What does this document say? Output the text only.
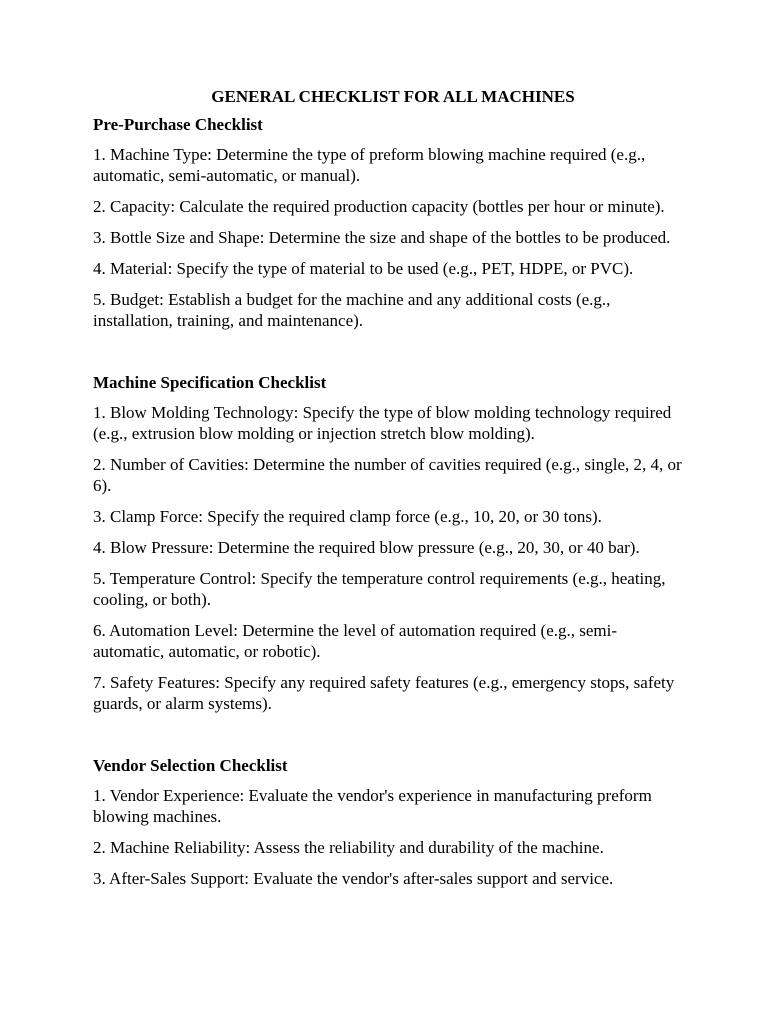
GENERAL CHECKLIST FOR ALL MACHINES
Pre-Purchase Checklist
1. Machine Type: Determine the type of preform blowing machine required (e.g., automatic, semi-automatic, or manual).
2. Capacity: Calculate the required production capacity (bottles per hour or minute).
3. Bottle Size and Shape: Determine the size and shape of the bottles to be produced.
4. Material: Specify the type of material to be used (e.g., PET, HDPE, or PVC).
5. Budget: Establish a budget for the machine and any additional costs (e.g., installation, training, and maintenance).
Machine Specification Checklist
1. Blow Molding Technology: Specify the type of blow molding technology required (e.g., extrusion blow molding or injection stretch blow molding).
2. Number of Cavities: Determine the number of cavities required (e.g., single, 2, 4, or 6).
3. Clamp Force: Specify the required clamp force (e.g., 10, 20, or 30 tons).
4. Blow Pressure: Determine the required blow pressure (e.g., 20, 30, or 40 bar).
5. Temperature Control: Specify the temperature control requirements (e.g., heating, cooling, or both).
6. Automation Level: Determine the level of automation required (e.g., semi-automatic, automatic, or robotic).
7. Safety Features: Specify any required safety features (e.g., emergency stops, safety guards, or alarm systems).
Vendor Selection Checklist
1. Vendor Experience: Evaluate the vendor's experience in manufacturing preform blowing machines.
2. Machine Reliability: Assess the reliability and durability of the machine.
3. After-Sales Support: Evaluate the vendor's after-sales support and service.
